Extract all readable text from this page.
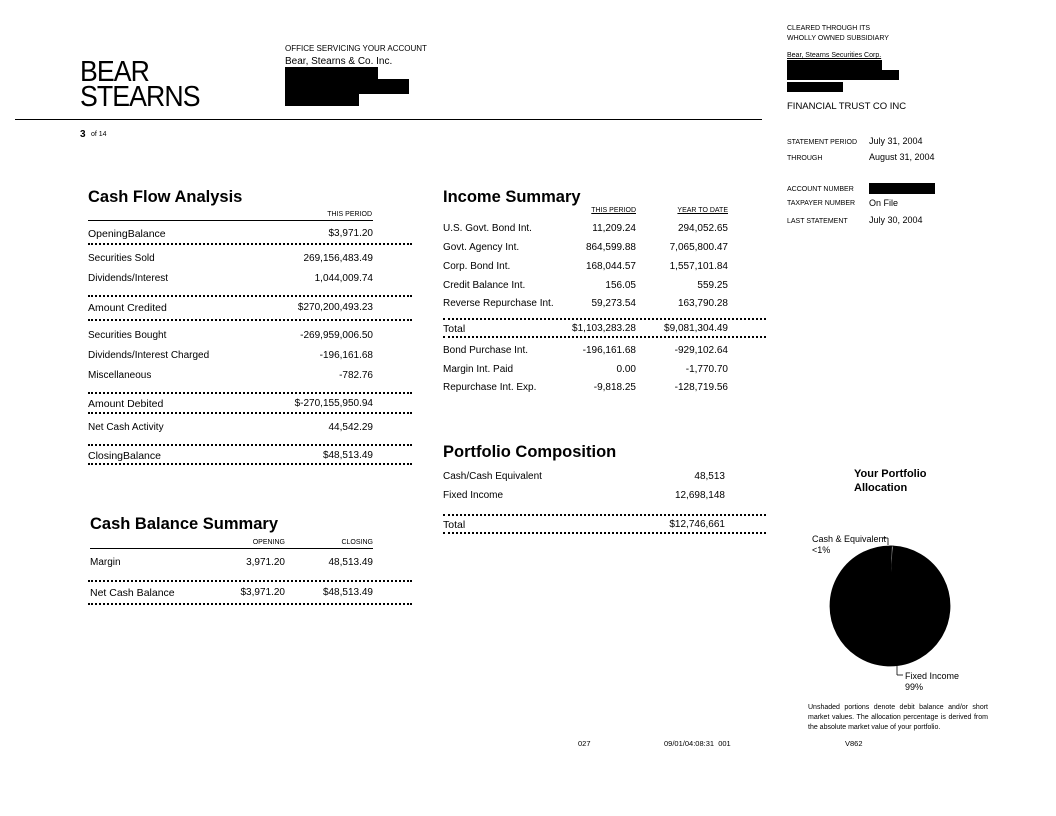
BEAR
STEARNS
OFFICE SERVICING YOUR ACCOUNT
Bear, Stearns & Co. Inc.
CLEARED THROUGH ITS
WHOLLY OWNED SUBSIDIARY
Bear, Stearns Securities Corp.
FINANCIAL TRUST CO INC
3 of 14
STATEMENT PERIOD July 31, 2004
THROUGH	August 31, 2004
ACCOUNT NUMBER
TAXPAYER NUMBER On File
LAST STATEMENT July 30, 2004
Cash Flow Analysis
THIS PERIOD
OpeningBalance	$3,971.20
Securities Sold	269,156,483.49
Dividends/Interest	1,044,009.74
Amount Credited	$270,200,493.23
Securities Bought	-269,959,006.50
Dividends/Interest Charged	-196,161.68
Miscellaneous	-782.76
Amount Debited	$-270,155,950.94
Net Cash Activity	44,542.29
ClosingBalance	$48,513.49
Cash Balance Summary
OPENING	CLOSING
Margin	3,971.20	48,513.49
Net Cash Balance	$3,971.20	$48,513.49
Income Summary
THIS PERIOD	YEAR TO DATE
U.S. Govt. Bond Int.	11,209.24	294,052.65
Govt. Agency Int.	864,599.88	7,065,800.47
Corp. Bond Int.	168,044.57	1,557,101.84
Credit Balance Int.	156.05	559.25
Reverse Repurchase Int.	59,273.54	163,790.28
Total	$1,103,283.28	$9,081,304.49
Bond Purchase Int.	-196,161.68	-929,102.64
Margin Int. Paid	0.00	-1,770.70
Repurchase Int. Exp.	-9,818.25	-128,719.56
Portfolio Composition
Cash/Cash Equivalent	48,513
Fixed Income	12,698,148
Total	$12,746,661
Your Portfolio
Allocation
Cash & Equivalent
<1%
Fixed Income
99%
Unshaded portions denote debit balance and/or short market values. The allocation percentage is derived from the absolute market value of your portfolio.
027	09/01/04:08:31  001	V862
